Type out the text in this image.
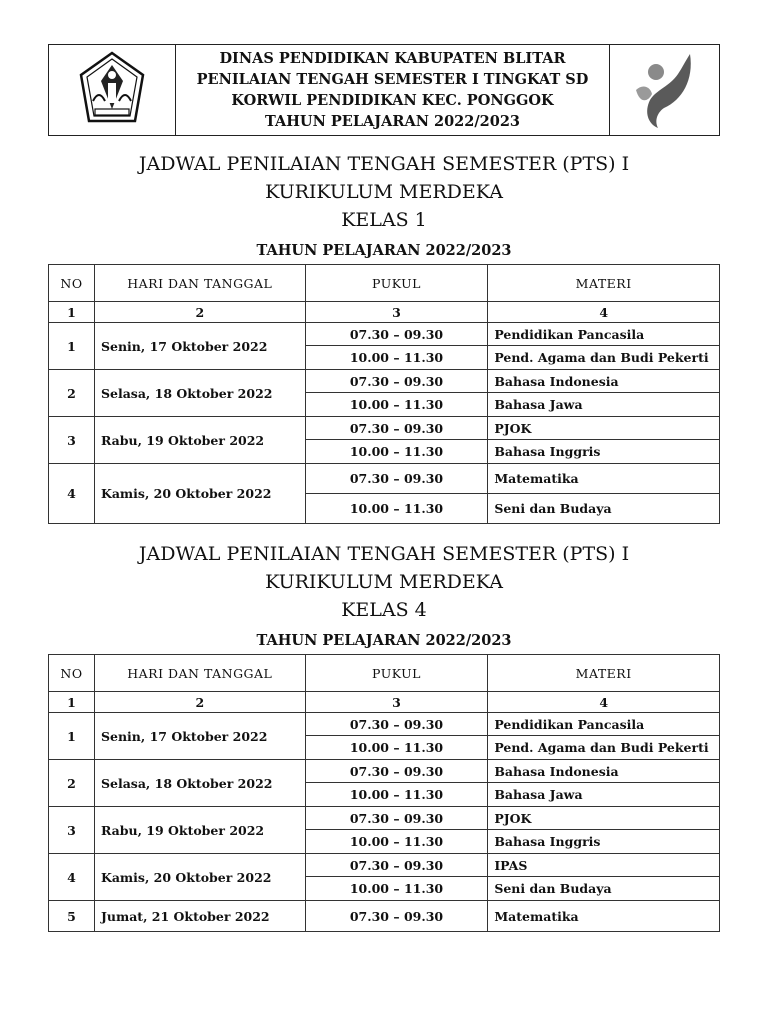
DINAS PENDIDIKAN KABUPATEN BLITAR
PENILAIAN TENGAH SEMESTER I TINGKAT SD
KORWIL PENDIDIKAN KEC. PONGGOK
TAHUN PELAJARAN 2022/2023
JADWAL PENILAIAN TENGAH SEMESTER (PTS) I
KURIKULUM MERDEKA
KELAS 1
TAHUN PELAJARAN 2022/2023
NO	HARI DAN TANGGAL	PUKUL	MATERI
1	2	3	4
1	Senin, 17 Oktober 2022	07.30 – 09.30	Pendidikan Pancasila
		10.00 – 11.30	Pend. Agama dan Budi Pekerti
2	Selasa, 18 Oktober 2022	07.30 – 09.30	Bahasa Indonesia
		10.00 – 11.30	Bahasa Jawa
3	Rabu, 19 Oktober 2022	07.30 – 09.30	PJOK
		10.00 – 11.30	Bahasa Inggris
4	Kamis, 20 Oktober 2022	07.30 – 09.30	Matematika
		10.00 – 11.30	Seni dan Budaya
JADWAL PENILAIAN TENGAH SEMESTER (PTS) I
KURIKULUM MERDEKA
KELAS 4
TAHUN PELAJARAN 2022/2023
NO	HARI DAN TANGGAL	PUKUL	MATERI
1	2	3	4
1	Senin, 17 Oktober 2022	07.30 – 09.30	Pendidikan Pancasila
		10.00 – 11.30	Pend. Agama dan Budi Pekerti
2	Selasa, 18 Oktober 2022	07.30 – 09.30	Bahasa Indonesia
		10.00 – 11.30	Bahasa Jawa
3	Rabu, 19 Oktober 2022	07.30 – 09.30	PJOK
		10.00 – 11.30	Bahasa Inggris
4	Kamis, 20 Oktober 2022	07.30 – 09.30	IPAS
		10.00 – 11.30	Seni dan Budaya
5	Jumat, 21 Oktober 2022	07.30 – 09.30	Matematika
